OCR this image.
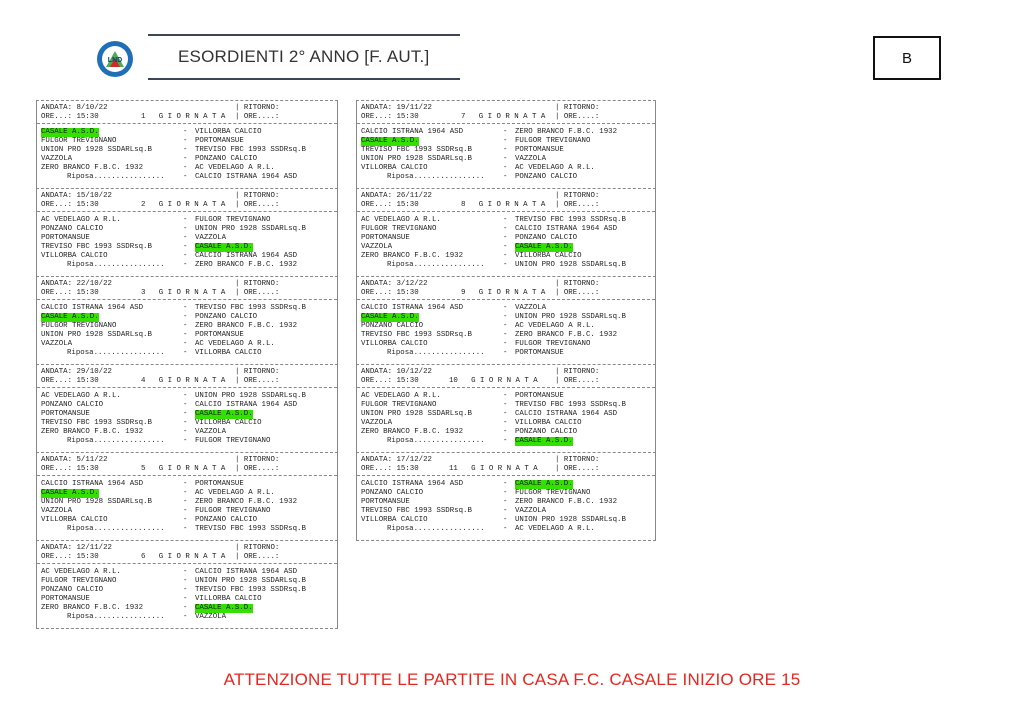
LND	ESORDIENTI 2° ANNO [F. AUT.]	B
ANDATA: 8/10/22
ORE...: 15:30	1   G I O R N A T A
| RITORNO:
| ORE....:
CASALE A.S.D.	- VILLORBA CALCIO
FULGOR TREVIGNANO	- PORTOMANSUE
UNION PRO 1928 SSDARLsq.B	- TREVISO FBC 1993 SSDRsq.B
VAZZOLA	- PONZANO CALCIO
ZERO BRANCO F.B.C. 1932	- AC VEDELAGO A R.L.
Riposa................ - CALCIO ISTRANA 1964 ASD
ANDATA: 15/10/22
ORE...: 15:30	2   G I O R N A T A
| RITORNO:
| ORE....:
AC VEDELAGO A R.L.	- FULGOR TREVIGNANO
PONZANO CALCIO	- UNION PRO 1928 SSDARLsq.B
PORTOMANSUE	- VAZZOLA
TREVISO FBC 1993 SSDRsq.B	- CASALE A.S.D.
VILLORBA CALCIO	- CALCIO ISTRANA 1964 ASD
Riposa................ - ZERO BRANCO F.B.C. 1932
ANDATA: 22/10/22
ORE...: 15:30	3   G I O R N A T A
| RITORNO:
| ORE....:
CALCIO ISTRANA 1964 ASD	- TREVISO FBC 1993 SSDRsq.B
CASALE A.S.D.	- PONZANO CALCIO
FULGOR TREVIGNANO	- ZERO BRANCO F.B.C. 1932
UNION PRO 1928 SSDARLsq.B	- PORTOMANSUE
VAZZOLA	- AC VEDELAGO A R.L.
Riposa................ - VILLORBA CALCIO
ANDATA: 29/10/22
ORE...: 15:30	4   G I O R N A T A
| RITORNO:
| ORE....:
AC VEDELAGO A R.L.	- UNION PRO 1928 SSDARLsq.B
PONZANO CALCIO	- CALCIO ISTRANA 1964 ASD
PORTOMANSUE	- CASALE A.S.D.
TREVISO FBC 1993 SSDRsq.B	- VILLORBA CALCIO
ZERO BRANCO F.B.C. 1932	- VAZZOLA
Riposa................ - FULGOR TREVIGNANO
ANDATA: 5/11/22
ORE...: 15:30	5   G I O R N A T A
| RITORNO:
| ORE....:
CALCIO ISTRANA 1964 ASD	- PORTOMANSUE
CASALE A.S.D.	- AC VEDELAGO A R.L.
UNION PRO 1928 SSDARLsq.B	- ZERO BRANCO F.B.C. 1932
VAZZOLA	- FULGOR TREVIGNANO
VILLORBA CALCIO	- PONZANO CALCIO
Riposa................ - TREVISO FBC 1993 SSDRsq.B
ANDATA: 12/11/22
ORE...: 15:30	6   G I O R N A T A
| RITORNO:
| ORE....:
AC VEDELAGO A R.L.	- CALCIO ISTRANA 1964 ASD
FULGOR TREVIGNANO	- UNION PRO 1928 SSDARLsq.B
PONZANO CALCIO	- TREVISO FBC 1993 SSDRsq.B
PORTOMANSUE	- VILLORBA CALCIO
ZERO BRANCO F.B.C. 1932	- CASALE A.S.D.
Riposa................ - VAZZOLA
ANDATA: 19/11/22
ORE...: 15:30	7   G I O R N A T A
| RITORNO:
| ORE....:
CALCIO ISTRANA 1964 ASD	- ZERO BRANCO F.B.C. 1932
CASALE A.S.D.	- FULGOR TREVIGNANO
TREVISO FBC 1993 SSDRsq.B	- PORTOMANSUE
UNION PRO 1928 SSDARLsq.B	- VAZZOLA
VILLORBA CALCIO	- AC VEDELAGO A R.L.
Riposa................ - PONZANO CALCIO
ANDATA: 26/11/22
ORE...: 15:30	8   G I O R N A T A
| RITORNO:
| ORE....:
AC VEDELAGO A R.L.	- TREVISO FBC 1993 SSDRsq.B
FULGOR TREVIGNANO	- CALCIO ISTRANA 1964 ASD
PORTOMANSUE	- PONZANO CALCIO
VAZZOLA	- CASALE A.S.D.
ZERO BRANCO F.B.C. 1932	- VILLORBA CALCIO
Riposa................ - UNION PRO 1928 SSDARLsq.B
ANDATA: 3/12/22
ORE...: 15:30	9   G I O R N A T A
| RITORNO:
| ORE....:
CALCIO ISTRANA 1964 ASD	- VAZZOLA
CASALE A.S.D.	- UNION PRO 1928 SSDARLsq.B
PONZANO CALCIO	- AC VEDELAGO A R.L.
TREVISO FBC 1993 SSDRsq.B	- ZERO BRANCO F.B.C. 1932
VILLORBA CALCIO	- FULGOR TREVIGNANO
Riposa................ - PORTOMANSUE
ANDATA: 10/12/22
ORE...: 15:30	10   G I O R N A T A
| RITORNO:
| ORE....:
AC VEDELAGO A R.L.	- PORTOMANSUE
FULGOR TREVIGNANO	- TREVISO FBC 1993 SSDRsq.B
UNION PRO 1928 SSDARLsq.B	- CALCIO ISTRANA 1964 ASD
VAZZOLA	- VILLORBA CALCIO
ZERO BRANCO F.B.C. 1932	- PONZANO CALCIO
Riposa................ - CASALE A.S.D.
ANDATA: 17/12/22
ORE...: 15:30	11   G I O R N A T A
| RITORNO:
| ORE....:
CALCIO ISTRANA 1964 ASD	- CASALE A.S.D.
PONZANO CALCIO	- FULGOR TREVIGNANO
PORTOMANSUE	- ZERO BRANCO F.B.C. 1932
TREVISO FBC 1993 SSDRsq.B	- VAZZOLA
VILLORBA CALCIO	- UNION PRO 1928 SSDARLsq.B
Riposa................ - AC VEDELAGO A R.L.
ATTENZIONE TUTTE LE PARTITE IN CASA F.C. CASALE INIZIO ORE 15
